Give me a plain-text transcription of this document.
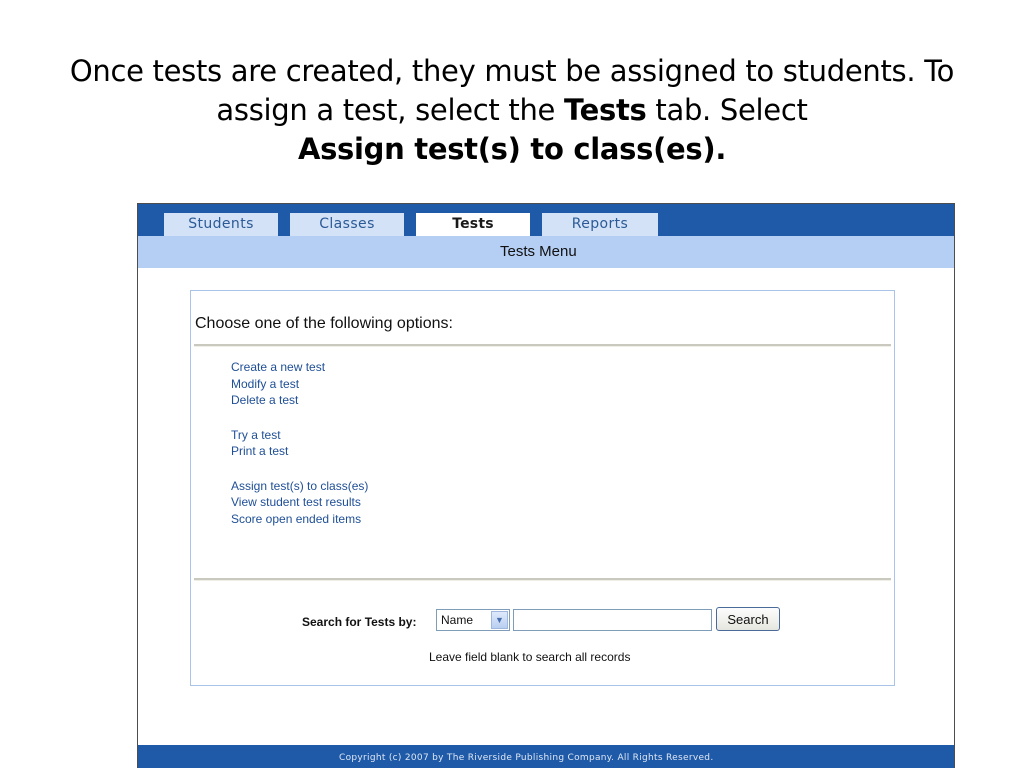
Once tests are created, they must be assigned to students. To assign a test, select the Tests tab. Select
Assign test(s) to class(es).
Students	Classes	Tests	Reports
Tests Menu
Choose one of the following options:
Create a new test
Modify a test
Delete a test
Try a test
Print a test
Assign test(s) to class(es)
View student test results
Score open ended items
Search for Tests by: Name	▼	Search
Leave field blank to search all records
Copyright (c) 2007 by The Riverside Publishing Company. All Rights Reserved.
